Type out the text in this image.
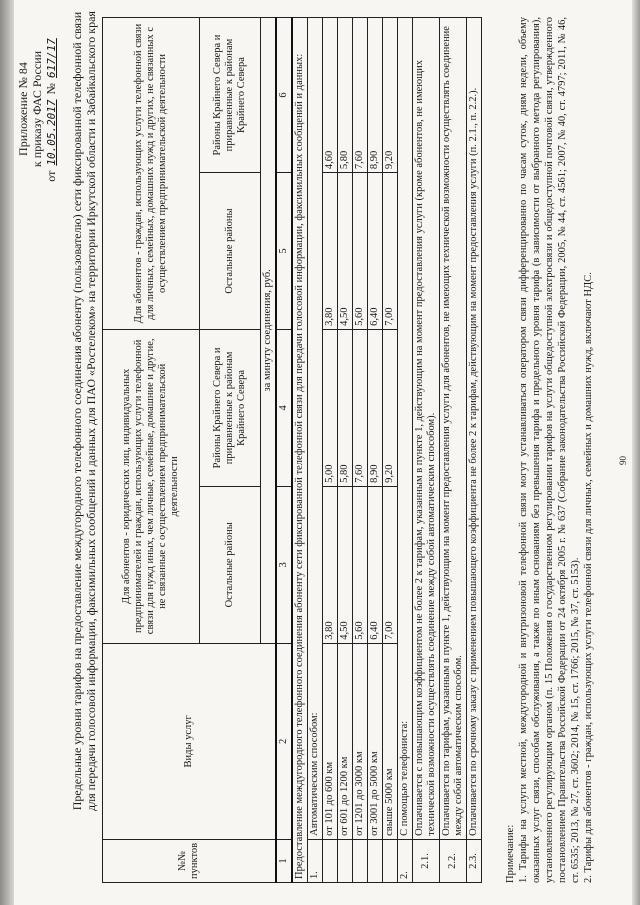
Приложение № 84 к приказу ФАС России
от 10.05.2017 № 617/17 Предельные уровни тарифов на предоставление междугородного телефонного соединения абоненту (пользователю) сети фиксированной телефонной связи для передачи голосовой информации, факсимильных сообщений и данных для ПАО «Ростелеком» на территории Иркутской области и Забайкальского края
№№ пунктов	Виды услуг	Для абонентов - юридических лиц, индивидуальных предпринимателей и граждан, использующих услуги телефонной связи для нужд иных, чем личные, семейные, домашние и другие, не связанные с осуществлением предпринимательской деятельности		Для абонентов - граждан, использующих услуги телефонной связи для личных, семейных, домашних нужд и других, не связанных с осуществлением предпринимательской деятельности	
		Остальные районы	Районы Крайнего Севера и приравненные к районам Крайнего Севера	Остальные районы	Районы Крайнего Севера и приравненные к районам Крайнего Севера
		за минуту соединения, руб.			
1	2	3	4	5	6
Предоставление междугородного телефонного соединения абоненту сети фиксированной телефонной связи для передачи голосовой информации, факсимильных сообщений и данных:					
1.	Автоматическим способом:				
	от 101 до 600 км	3,80	5,00	3,80	4,60
	от 601 до 1200 км	4,50	5,80	4,50	5,80
	от 1201 до 3000 км	5,60	7,60	5,60	7,60
	от 3001 до 5000 км	6,40	8,90	6,40	8,90
	свыше 5000 км	7,00	9,20	7,00	9,20
2.	С помощью телефониста:				
2.1.	Оплачивается с повышающим коэффициентом не более 2 к тарифам, указанным в пункте 1, действующим на момент предоставления услуги (кроме абонентов, не имеющих технической возможности осуществлять соединение между собой автоматическим способом).				
2.2.	Оплачивается по тарифам, указанным в пункте 1, действующим на момент предоставления услуги для абонентов, не имеющих технической возможности осуществлять соединение между собой автоматическим способом.				
2.3.	Оплачивается по срочному заказу с применением повышающего коэффициента не более 2 к тарифам, действующим на момент предоставления услуги (п. 2.1., п. 2.2.).				

Примечание: 1. Тарифы на услуги местной, междугородной и внутризоновой телефонной связи могут устанавливаться оператором связи дифференцированно по часам суток, дням недели, объему оказанных услуг связи, способам обслуживания, а также по иным основаниям без превышения тарифа и предельного уровня тарифа (в зависимости от выбранного метода регулирования), установленного регулирующим органом (п. 15 Положения о государственном регулировании тарифов на услуги общедоступной электросвязи и общедоступной почтовой связи, утвержденного постановлением Правительства Российской Федерации от 24 октября 2005 г. № 637 (Собрание законодательства Российской Федерации, 2005, № 44, ст. 4561; 2007, № 40, ст. 4797; 2011, № 46, ст. 6535; 2013, № 27, ст. 3602; 2014, № 15, ст. 1766; 2015, № 37, ст. 5153). 2. Тарифы для абонентов - граждан, использующих услуги телефонной связи для личных, семейных и домашних нужд, включают НДС.	90
